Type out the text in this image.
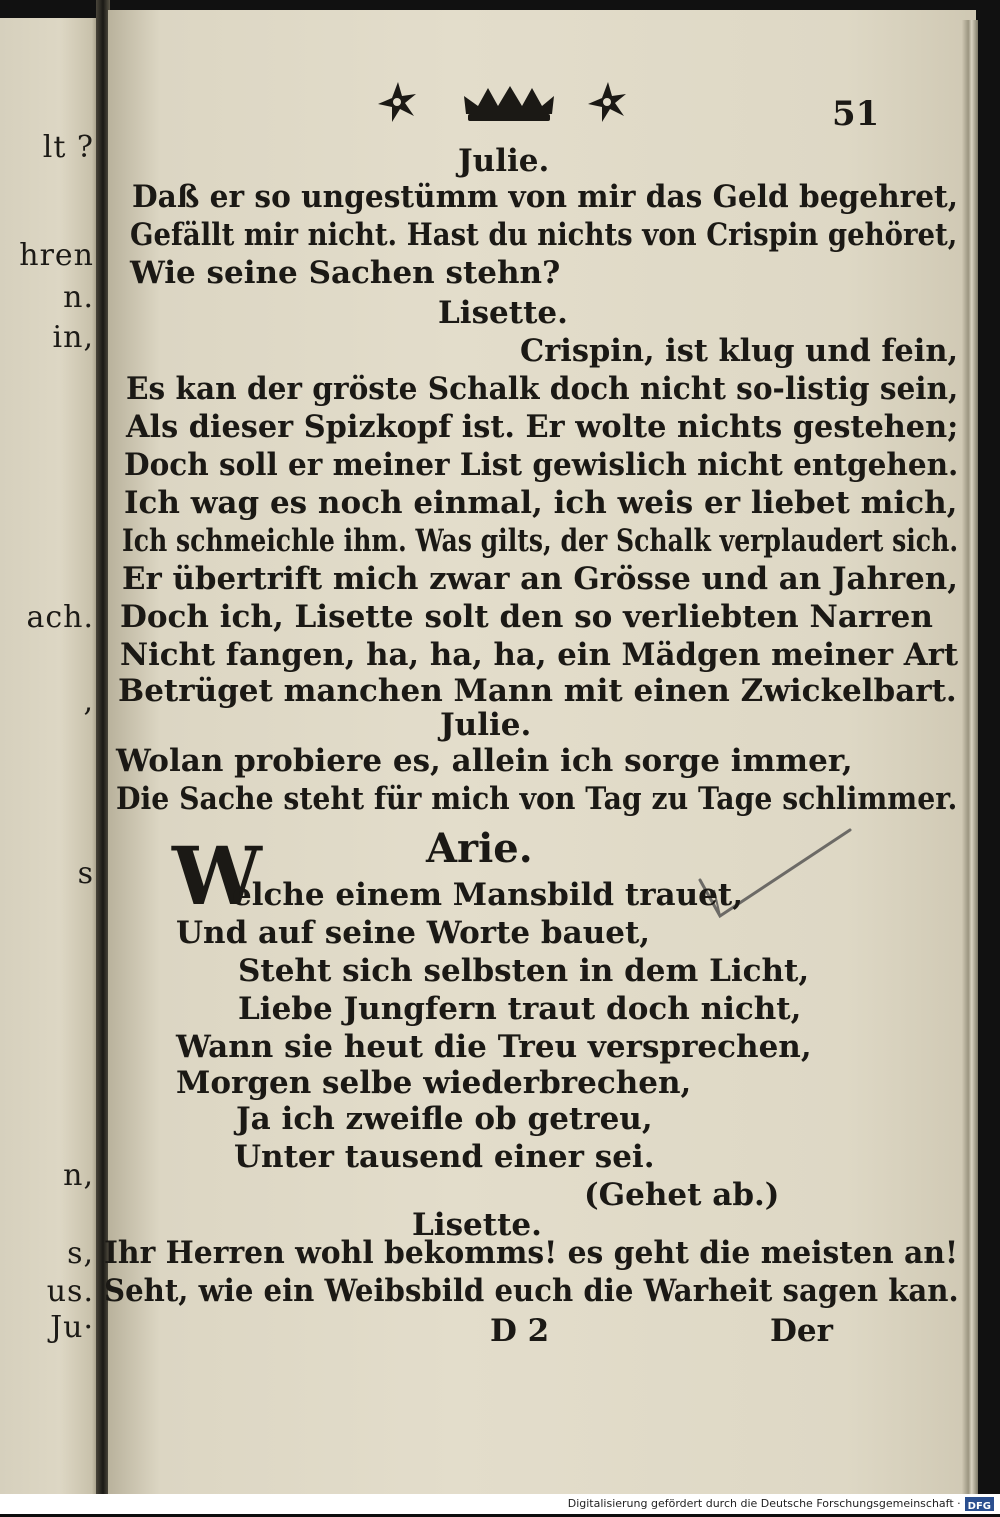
lt ?
hren
n.
in,
ach.
,
s
n,
s,
us.
Ju·
51
Julie.
Daß er so ungestümm von mir das Geld begehret,
Gefällt mir nicht. Hast du nichts von Crispin gehöret,
Wie seine Sachen stehn?
Lisette.
Crispin, ist klug und fein,
Es kan der gröste Schalk doch nicht so-listig sein,
Als dieser Spizkopf ist. Er wolte nichts gestehen;
Doch soll er meiner List gewislich nicht entgehen.
Ich wag es noch einmal, ich weis er liebet mich,
Ich schmeichle ihm. Was gilts, der Schalk verplaudert sich.
Er übertrift mich zwar an Grösse und an Jahren,
Doch ich, Lisette solt den so verliebten Narren
Nicht fangen, ha, ha, ha, ein Mädgen meiner Art
Betrüget manchen Mann mit einen Zwickelbart.
Julie.
Wolan probiere es, allein ich sorge immer,
Die Sache steht für mich von Tag zu Tage schlimmer.
Arie.
W
elche einem Mansbild trauet,
Und auf seine Worte bauet,
Steht sich selbsten in dem Licht,
Liebe Jungfern traut doch nicht,
Wann sie heut die Treu versprechen,
Morgen selbe wiederbrechen,
Ja ich zweifle ob getreu,
Unter tausend einer sei.
(Gehet ab.)
Lisette.
Ihr Herren wohl bekomms! es geht die meisten an!
Seht, wie ein Weibsbild euch die Warheit sagen kan.
D 2	Der
Digitalisierung gefördert durch die Deutsche Forschungsgemeinschaft · DFG
